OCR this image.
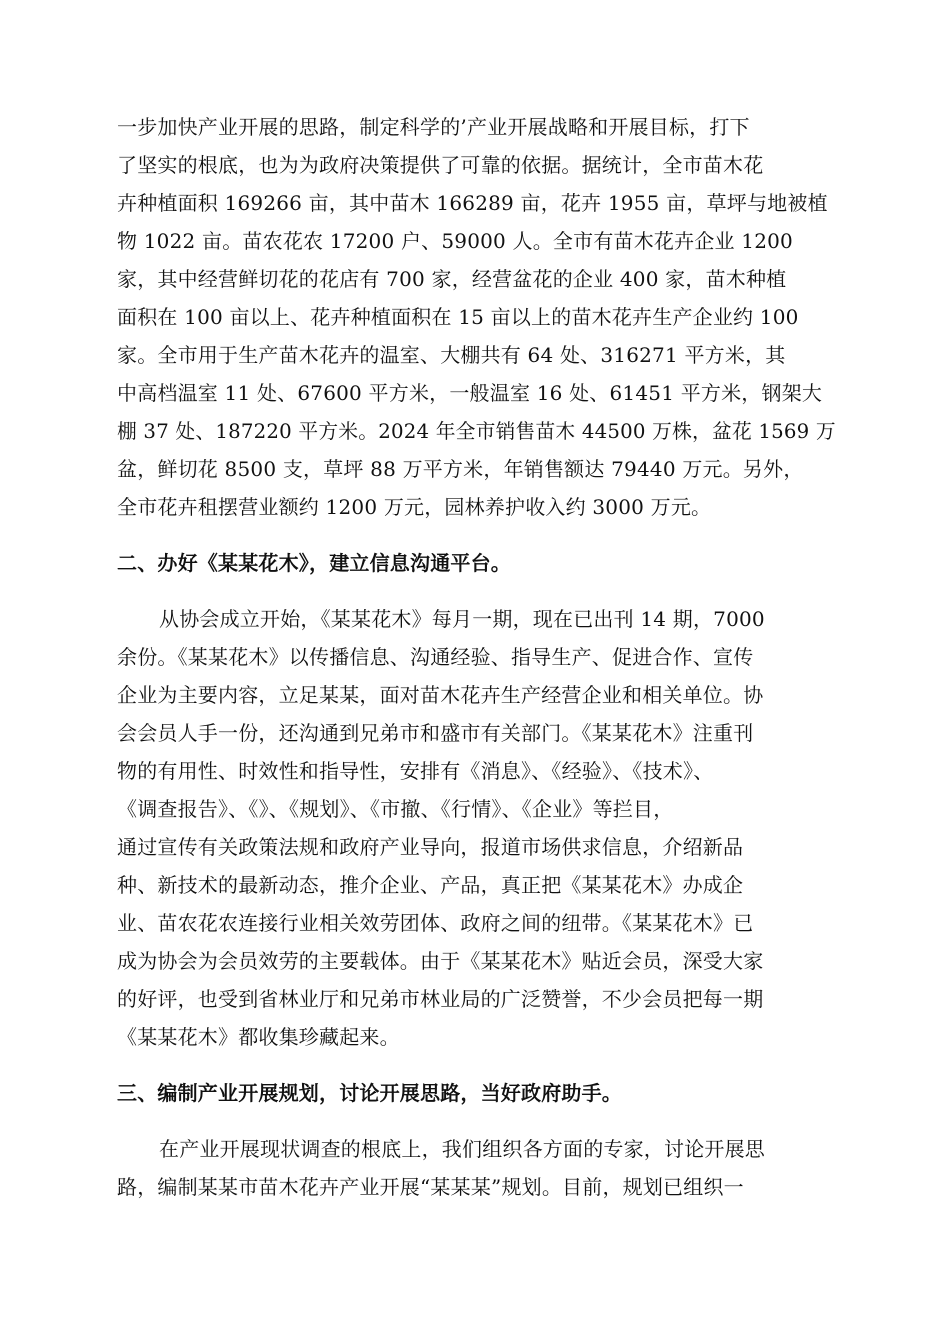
一步加快产业开展的思路，制定科学的’产业开展战略和开展目标，打下
了坚实的根底，也为为政府决策提供了可靠的依据。据统计，全市苗木花
卉种植面积 169266 亩，其中苗木 166289 亩，花卉 1955 亩，草坪与地被植
物 1022 亩。苗农花农 17200 户、59000 人。全市有苗木花卉企业 1200
家，其中经营鲜切花的花店有 700 家，经营盆花的企业 400 家，苗木种植
面积在 100 亩以上、花卉种植面积在 15 亩以上的苗木花卉生产企业约 100
家。全市用于生产苗木花卉的温室、大棚共有 64 处、316271 平方米，其
中高档温室 11 处、67600 平方米，一般温室 16 处、61451 平方米，钢架大
棚 37 处、187220 平方米。2024 年全市销售苗木 44500 万株，盆花 1569 万
盆，鲜切花 8500 支，草坪 88 万平方米，年销售额达 79440 万元。另外，
全市花卉租摆营业额约 1200 万元，园林养护收入约 3000 万元。
二、办好《某某花木》，建立信息沟通平台。
从协会成立开始，《某某花木》每月一期，现在已出刊 14 期，7000
余份。《某某花木》以传播信息、沟通经验、指导生产、促进合作、宣传
企业为主要内容，立足某某，面对苗木花卉生产经营企业和相关单位。协
会会员人手一份，还沟通到兄弟市和盛市有关部门。《某某花木》注重刊
物的有用性、时效性和指导性，安排有《消息》、《经验》、《技术》、
《调查报告》、《》、《规划》、《市撤、《行情》、《企业》等拦目，
通过宣传有关政策法规和政府产业导向，报道市场供求信息，介绍新品
种、新技术的最新动态，推介企业、产品，真正把《某某花木》办成企
业、苗农花农连接行业相关效劳团体、政府之间的纽带。《某某花木》已
成为协会为会员效劳的主要载体。由于《某某花木》贴近会员，深受大家
的好评，也受到省林业厅和兄弟市林业局的广泛赞誉，不少会员把每一期
《某某花木》都收集珍藏起来。
三、编制产业开展规划，讨论开展思路，当好政府助手。
在产业开展现状调查的根底上，我们组织各方面的专家，讨论开展思
路，编制某某市苗木花卉产业开展“某某某”规划。目前，规划已组织一
